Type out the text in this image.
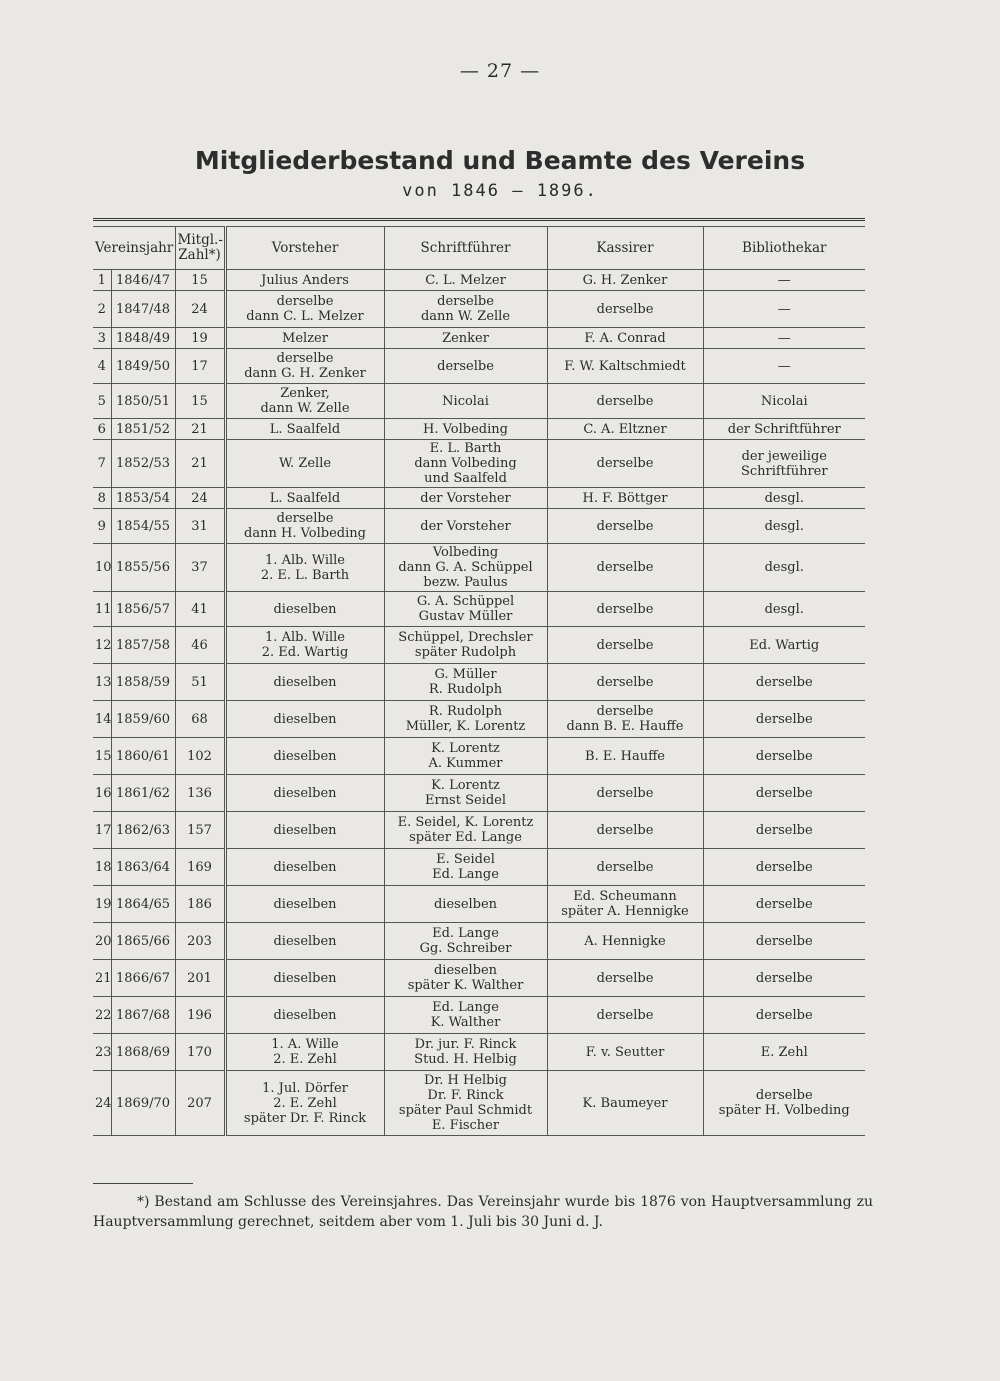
— 27 —
Mitgliederbestand und Beamte des Vereins
von 1846 — 1896.
Vereinsjahr		Mitgl.-
Zahl*)	Vorsteher	Schriftführer	Kassirer	Bibliothekar
1	1846/47	15	Julius Anders	C. L. Melzer	G. H. Zenker	—
2	1847/48	24	derselbe
dann C. L. Melzer	derselbe
dann W. Zelle	derselbe	—
3	1848/49	19	Melzer	Zenker	F. A. Conrad	—
4	1849/50	17	derselbe
dann G. H. Zenker	derselbe	F. W. Kaltschmiedt	—
5	1850/51	15	Zenker,
dann W. Zelle	Nicolai	derselbe	Nicolai
6	1851/52	21	L. Saalfeld	H. Volbeding	C. A. Eltzner	der Schriftführer
7	1852/53	21	W. Zelle	E. L. Barth
dann Volbeding
und Saalfeld	derselbe	der jeweilige
Schriftführer
8	1853/54	24	L. Saalfeld	der Vorsteher	H. F. Böttger	desgl.
9	1854/55	31	derselbe
dann H. Volbeding	der Vorsteher	derselbe	desgl.
10	1855/56	37	1. Alb. Wille
2. E. L. Barth	Volbeding
dann G. A. Schüppel
bezw. Paulus	derselbe	desgl.
11	1856/57	41	dieselben	G. A. Schüppel
Gustav Müller	derselbe	desgl.
12	1857/58	46	1. Alb. Wille
2. Ed. Wartig	Schüppel, Drechsler
später Rudolph	derselbe	Ed. Wartig
13	1858/59	51	dieselben	G. Müller
R. Rudolph	derselbe	derselbe
14	1859/60	68	dieselben	R. Rudolph
Müller, K. Lorentz	derselbe
dann B. E. Hauffe	derselbe
15	1860/61	102	dieselben	K. Lorentz
A. Kummer	B. E. Hauffe	derselbe
16	1861/62	136	dieselben	K. Lorentz
Ernst Seidel	derselbe	derselbe
17	1862/63	157	dieselben	E. Seidel, K. Lorentz
später Ed. Lange	derselbe	derselbe
18	1863/64	169	dieselben	E. Seidel
Ed. Lange	derselbe	derselbe
19	1864/65	186	dieselben	dieselben	Ed. Scheumann
später A. Hennigke	derselbe
20	1865/66	203	dieselben	Ed. Lange
Gg. Schreiber	A. Hennigke	derselbe
21	1866/67	201	dieselben	dieselben
später K. Walther	derselbe	derselbe
22	1867/68	196	dieselben	Ed. Lange
K. Walther	derselbe	derselbe
23	1868/69	170	1. A. Wille
2. E. Zehl	Dr. jur. F. Rinck
Stud. H. Helbig	F. v. Seutter	E. Zehl
24	1869/70	207	1. Jul. Dörfer
2. E. Zehl
später Dr. F. Rinck	Dr. H Helbig
Dr. F. Rinck
später Paul Schmidt
E. Fischer	K. Baumeyer	derselbe
später H. Volbeding
*) Bestand am Schlusse des Vereinsjahres. Das Vereinsjahr wurde bis 1876 von Hauptversammlung zu Hauptversammlung gerechnet, seitdem aber vom 1. Juli bis 30 Juni d. J.
